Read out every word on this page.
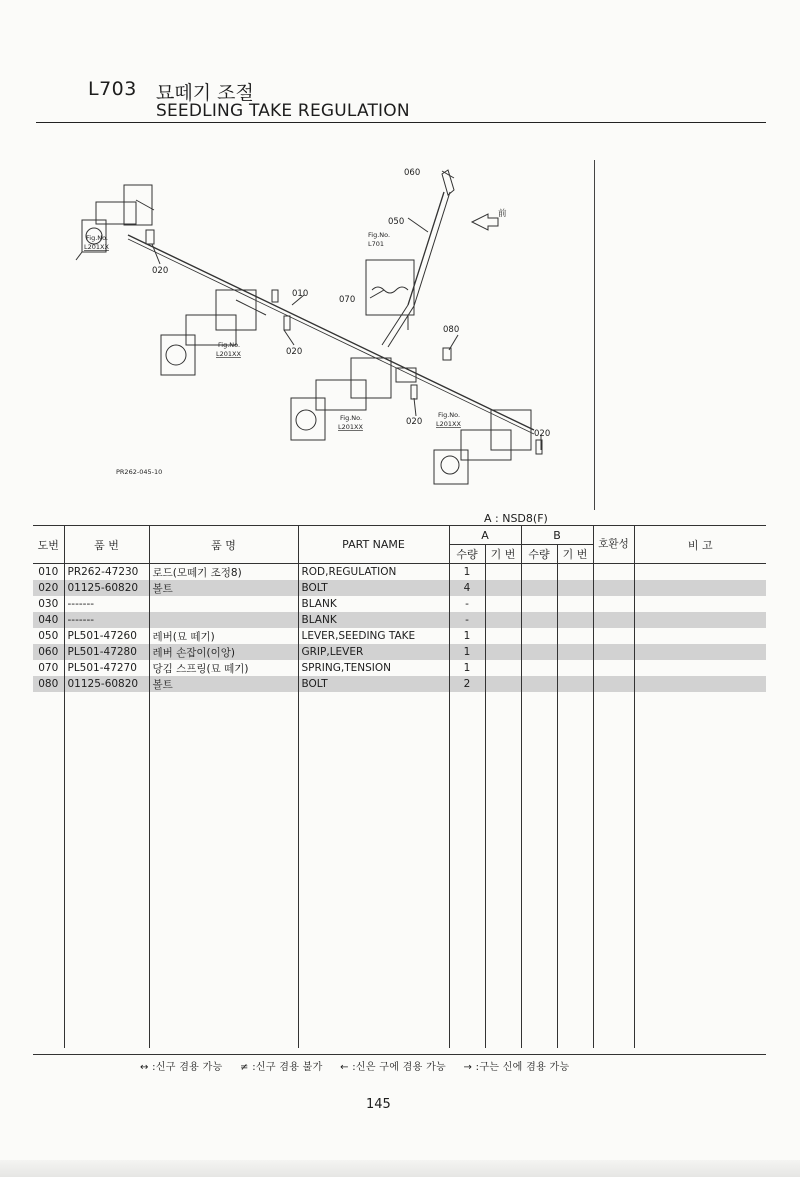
L703 묘떼기 조절
SEEDLING TAKE REGULATION
前
060
050
070
010
020
020
020
020
080
Fig.No.
L201XX
Fig.No.
L701
Fig.No.
L201XX
Fig.No.
L201XX
Fig.No.
L201XX
PR262-045-10
A : NSD8(F)
도번	품 번	품 명	PART NAME	A		B		호환성	비 고
				수량	기 번	수량	기 번		
010	PR262-47230	로드(모떼기 조정8)	ROD,REGULATION	1					
020	01125-60820	볼트	BOLT	4					
030	-------		BLANK	-					
040	-------		BLANK	-					
050	PL501-47260	레버(묘 떼기)	LEVER,SEEDING TAKE	1					
060	PL501-47280	레버 손잡이(이앙)	GRIP,LEVER	1					
070	PL501-47270	당김 스프링(묘 떼기)	SPRING,TENSION	1					
080	01125-60820	볼트	BOLT	2					

↔ :신구 겸용 가능 ≠ :신구 겸용 불가 ← :신은 구에 겸용 가능 → :구는 신에 겸용 가능
145
